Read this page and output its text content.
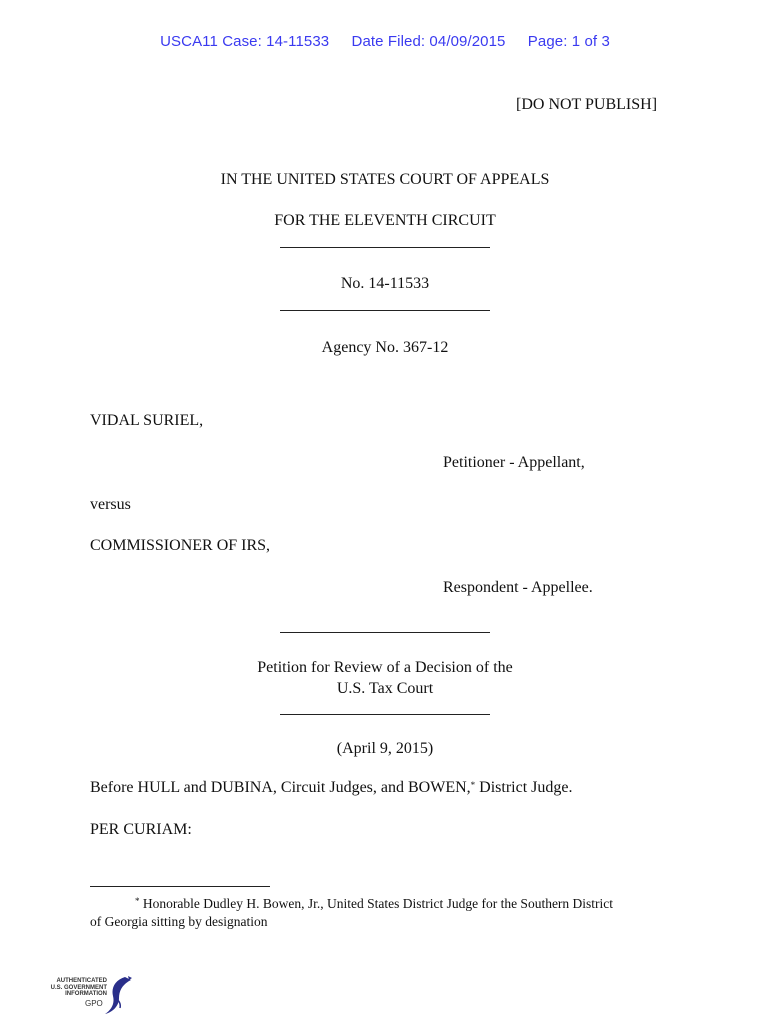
USCA11 Case: 14-11533 Date Filed: 04/09/2015 Page: 1 of 3
[DO NOT PUBLISH]
IN THE UNITED STATES COURT OF APPEALS
FOR THE ELEVENTH CIRCUIT
No. 14-11533
Agency No. 367-12
VIDAL SURIEL,
Petitioner - Appellant,
versus
COMMISSIONER OF IRS,
Respondent - Appellee.
Petition for Review of a Decision of the
U.S. Tax Court
(April 9, 2015)
Before HULL and DUBINA, Circuit Judges, and BOWEN,* District Judge.
PER CURIAM:
* Honorable Dudley H. Bowen, Jr., United States District Judge for the Southern District
of Georgia sitting by designation
AUTHENTICATED
U.S. GOVERNMENT
INFORMATION
GPO
